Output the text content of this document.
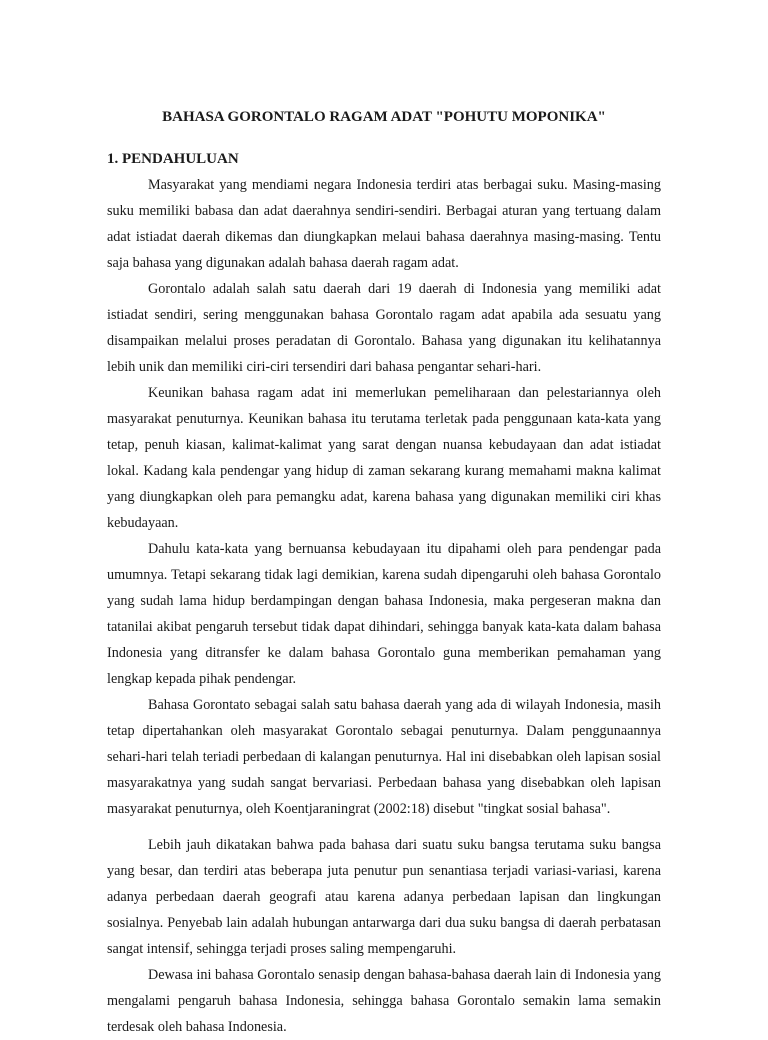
BAHASA GORONTALO RAGAM ADAT "POHUTU MOPONIKA"
1. PENDAHULUAN

Masyarakat yang mendiami negara Indonesia terdiri atas berbagai suku. Masing-masing suku memiliki babasa dan adat daerahnya sendiri-sendiri. Berbagai aturan yang tertuang dalam adat istiadat daerah dikemas dan diungkapkan melaui bahasa daerahnya masing-masing. Tentu saja bahasa yang digunakan adalah bahasa daerah ragam adat.

Gorontalo adalah salah satu daerah dari 19 daerah di Indonesia yang memiliki adat istiadat sendiri, sering menggunakan bahasa Gorontalo ragam adat apabila ada sesuatu yang disampaikan melalui proses peradatan di Gorontalo. Bahasa yang digunakan itu kelihatannya lebih unik dan memiliki ciri-ciri tersendiri dari bahasa pengantar sehari-hari.

Keunikan bahasa ragam adat ini memerlukan pemeliharaan dan pelestariannya oleh masyarakat penuturnya. Keunikan bahasa itu terutama terletak pada penggunaan kata-kata yang tetap, penuh kiasan, kalimat-kalimat yang sarat dengan nuansa kebudayaan dan adat istiadat lokal. Kadang kala pendengar yang hidup di zaman sekarang kurang memahami makna kalimat yang diungkapkan oleh para pemangku adat, karena bahasa yang digunakan memiliki ciri khas kebudayaan.

Dahulu kata-kata yang bernuansa kebudayaan itu dipahami oleh para pendengar pada umumnya. Tetapi sekarang tidak lagi demikian, karena sudah dipengaruhi oleh bahasa Gorontalo yang sudah lama hidup berdampingan dengan bahasa Indonesia, maka pergeseran makna dan tatanilai akibat pengaruh tersebut tidak dapat dihindari, sehingga banyak kata-kata dalam bahasa Indonesia yang ditransfer ke dalam bahasa Gorontalo guna memberikan pemahaman yang lengkap kepada pihak pendengar.

Bahasa Gorontato sebagai salah satu bahasa daerah yang ada di wilayah Indonesia, masih tetap dipertahankan oleh masyarakat Gorontalo sebagai penuturnya. Dalam penggunaannya sehari-hari telah teriadi perbedaan di kalangan penuturnya. Hal ini disebabkan oleh lapisan sosial masyarakatnya yang sudah sangat bervariasi. Perbedaan bahasa yang disebabkan oleh lapisan masyarakat penuturnya, oleh Koentjaraningrat (2002:18) disebut "tingkat sosial bahasa".

Lebih jauh dikatakan bahwa pada bahasa dari suatu suku bangsa terutama suku bangsa yang besar, dan terdiri atas beberapa juta penutur pun senantiasa terjadi variasi-variasi, karena adanya perbedaan daerah geografi atau karena adanya perbedaan lapisan dan lingkungan sosialnya. Penyebab lain adalah hubungan antarwarga dari dua suku bangsa di daerah perbatasan sangat intensif, sehingga terjadi proses saling mempengaruhi.

Dewasa ini bahasa Gorontalo senasip dengan bahasa-bahasa daerah lain di Indonesia yang mengalami pengaruh bahasa Indonesia, sehingga bahasa Gorontalo semakin lama semakin terdesak oleh bahasa Indonesia.
